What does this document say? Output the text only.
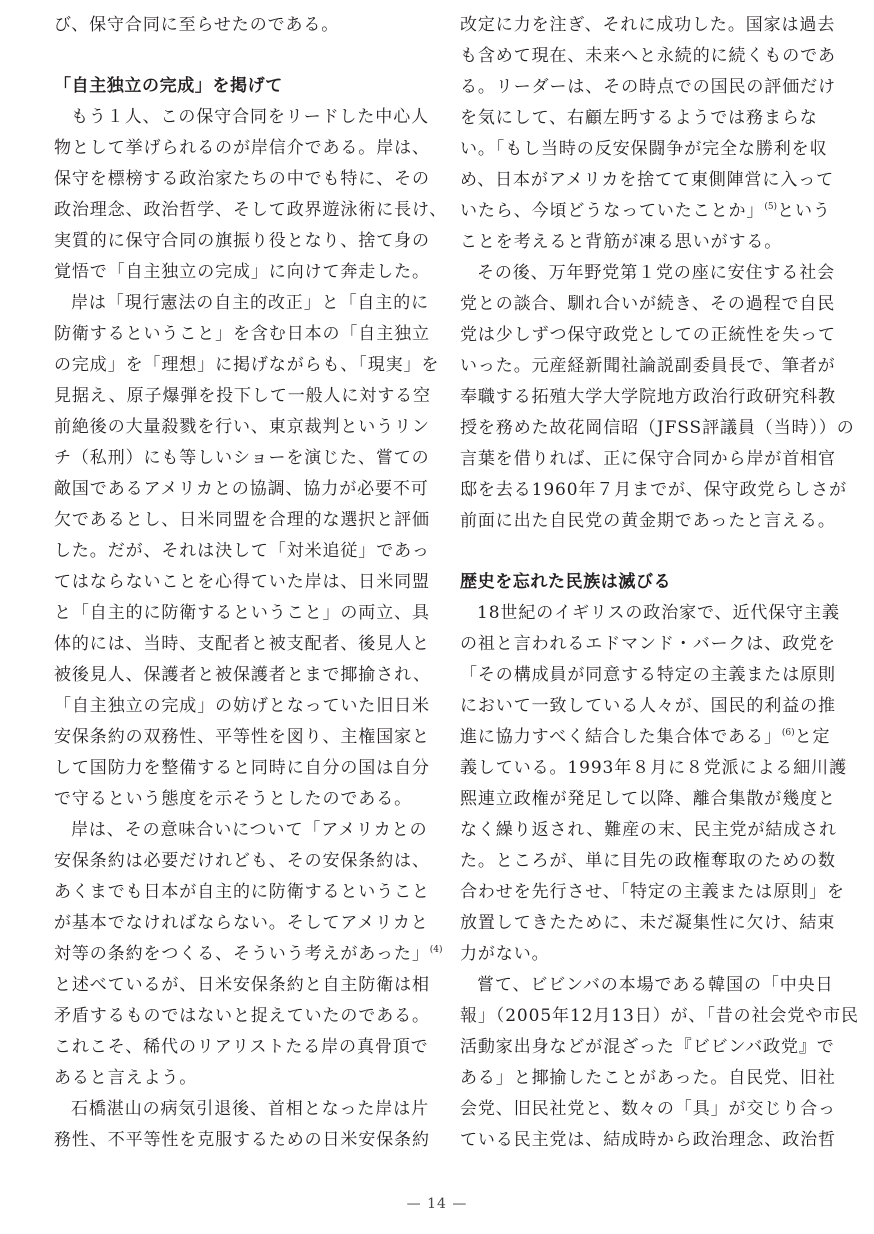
び、保守合同に至らせたのである。
「自主独立の完成」を掲げて
もう１人、この保守合同をリードした中心人
物として挙げられるのが岸信介である。岸は、
保守を標榜する政治家たちの中でも特に、その
政治理念、政治哲学、そして政界遊泳術に長け、
実質的に保守合同の旗振り役となり、捨て身の
覚悟で「自主独立の完成」に向けて奔走した。
岸は「現行憲法の自主的改正」と「自主的に
防衛するということ」を含む日本の「自主独立
の完成」を「理想」に掲げながらも、「現実」を
見据え、原子爆弾を投下して一般人に対する空
前絶後の大量殺戮を行い、東京裁判というリン
チ（私刑）にも等しいショーを演じた、嘗ての
敵国であるアメリカとの協調、協力が必要不可
欠であるとし、日米同盟を合理的な選択と評価
した。だが、それは決して「対米追従」であっ
てはならないことを心得ていた岸は、日米同盟
と「自主的に防衛するということ」の両立、具
体的には、当時、支配者と被支配者、後見人と
被後見人、保護者と被保護者とまで揶揄され、
「自主独立の完成」の妨げとなっていた旧日米
安保条約の双務性、平等性を図り、主権国家と
して国防力を整備すると同時に自分の国は自分
で守るという態度を示そうとしたのである。
岸は、その意味合いについて「アメリカとの
安保条約は必要だけれども、その安保条約は、
あくまでも日本が自主的に防衛するということ
が基本でなければならない。そしてアメリカと
対等の条約をつくる、そういう考えがあった」$^{(4)}$
と述べているが、日米安保条約と自主防衛は相
矛盾するものではないと捉えていたのである。
これこそ、稀代のリアリストたる岸の真骨頂で
あると言えよう。
石橋湛山の病気引退後、首相となった岸は片
務性、不平等性を克服するための日米安保条約
改定に力を注ぎ、それに成功した。国家は過去
も含めて現在、未来へと永続的に続くものであ
る。リーダーは、その時点での国民の評価だけ
を気にして、右顧左眄するようでは務まらな
い。「もし当時の反安保闘争が完全な勝利を収
め、日本がアメリカを捨てて東側陣営に入って
いたら、今頃どうなっていたことか」$^{(5)}$という
ことを考えると背筋が凍る思いがする。
その後、万年野党第１党の座に安住する社会
党との談合、馴れ合いが続き、その過程で自民
党は少しずつ保守政党としての正統性を失って
いった。元産経新聞社論説副委員長で、筆者が
奉職する拓殖大学大学院地方政治行政研究科教
授を務めた故花岡信昭（JFSS評議員（当時））の
言葉を借りれば、正に保守合同から岸が首相官
邸を去る1960年７月までが、保守政党らしさが
前面に出た自民党の黄金期であったと言える。
歴史を忘れた民族は滅びる
18世紀のイギリスの政治家で、近代保守主義
の祖と言われるエドマンド・バークは、政党を
「その構成員が同意する特定の主義または原則
において一致している人々が、国民的利益の推
進に協力すべく結合した集合体である」$^{(6)}$と定
義している。1993年８月に８党派による細川護
熙連立政権が発足して以降、離合集散が幾度と
なく繰り返され、難産の末、民主党が結成され
た。ところが、単に目先の政権奪取のための数
合わせを先行させ、「特定の主義または原則」を
放置してきたために、未だ凝集性に欠け、結束
力がない。
嘗て、ビビンバの本場である韓国の「中央日
報」（2005年12月13日）が、「昔の社会党や市民
活動家出身などが混ざった『ビビンバ政党』で
ある」と揶揄したことがあった。自民党、旧社
会党、旧民社党と、数々の「具」が交じり合っ
ている民主党は、結成時から政治理念、政治哲
— 14 —
